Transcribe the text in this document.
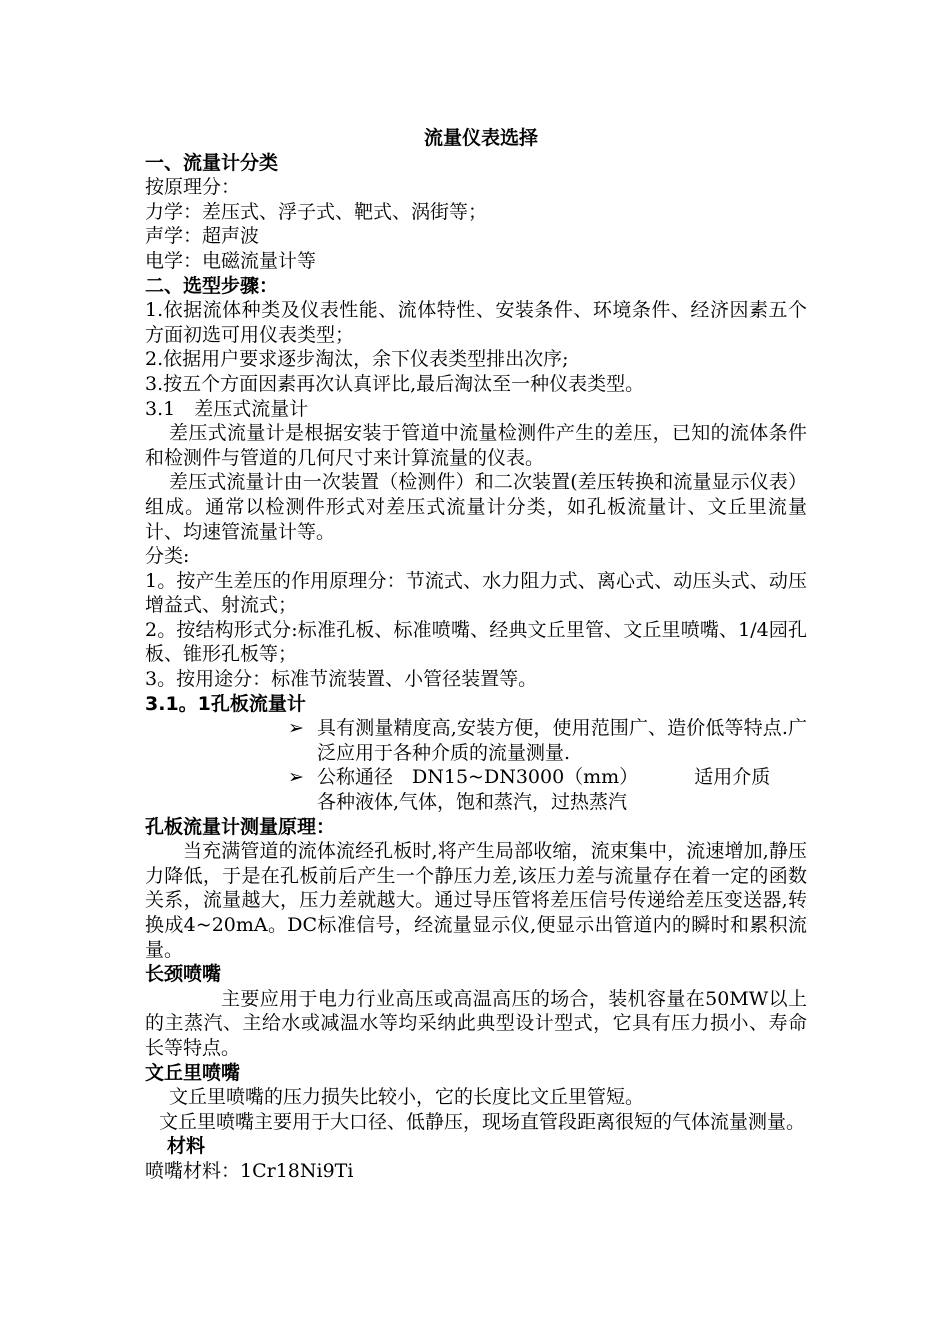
流量仪表选择
一、流量计分类

按原理分：

力学：差压式、浮子式、靶式、涡街等；

声学：超声波

电学：电磁流量计等

二、选型步骤：

1.依据流体种类及仪表性能、流体特性、安装条件、环境条件、经济因素五个方面初选可用仪表类型；

2.依据用户要求逐步淘汰，余下仪表类型排出次序;

3.按五个方面因素再次认真评比,最后淘汰至一种仪表类型。

3.1　差压式流量计

差压式流量计是根据安装于管道中流量检测件产生的差压，已知的流体条件和检测件与管道的几何尺寸来计算流量的仪表。

差压式流量计由一次装置（检测件）和二次装置(差压转换和流量显示仪表）组成。通常以检测件形式对差压式流量计分类，如孔板流量计、文丘里流量计、均速管流量计等。

分类:

1。按产生差压的作用原理分：节流式、水力阻力式、离心式、动压头式、动压增益式、射流式；

2。按结构形式分:标准孔板、标准喷嘴、经典文丘里管、文丘里喷嘴、1/4园孔板、锥形孔板等；

3。按用途分：标准节流装置、小管径装置等。

3.1。1孔板流量计
➢ 具有测量精度高,安装方便，使用范围广、造价低等特点.广泛应用于各种介质的流量测量.
➢ 公称通径　DN15~DN3000（mm）	适用介质
各种液体,气体，饱和蒸汽，过热蒸汽
孔板流量计测量原理：

当充满管道的流体流经孔板时,将产生局部收缩，流束集中，流速增加,静压力降低，于是在孔板前后产生一个静压力差,该压力差与流量存在着一定的函数关系，流量越大，压力差就越大。通过导压管将差压信号传递给差压变送器,转换成4~20mA。DC标准信号，经流量显示仪,便显示出管道内的瞬时和累积流量。

长颈喷嘴

主要应用于电力行业高压或高温高压的场合，装机容量在50MW以上的主蒸汽、主给水或减温水等均采纳此典型设计型式，它具有压力损小、寿命长等特点。

文丘里喷嘴

文丘里喷嘴的压力损失比较小，它的长度比文丘里管短。

文丘里喷嘴主要用于大口径、低静压，现场直管段距离很短的气体流量测量。

材料

喷嘴材料：1Cr18Ni9Ti
